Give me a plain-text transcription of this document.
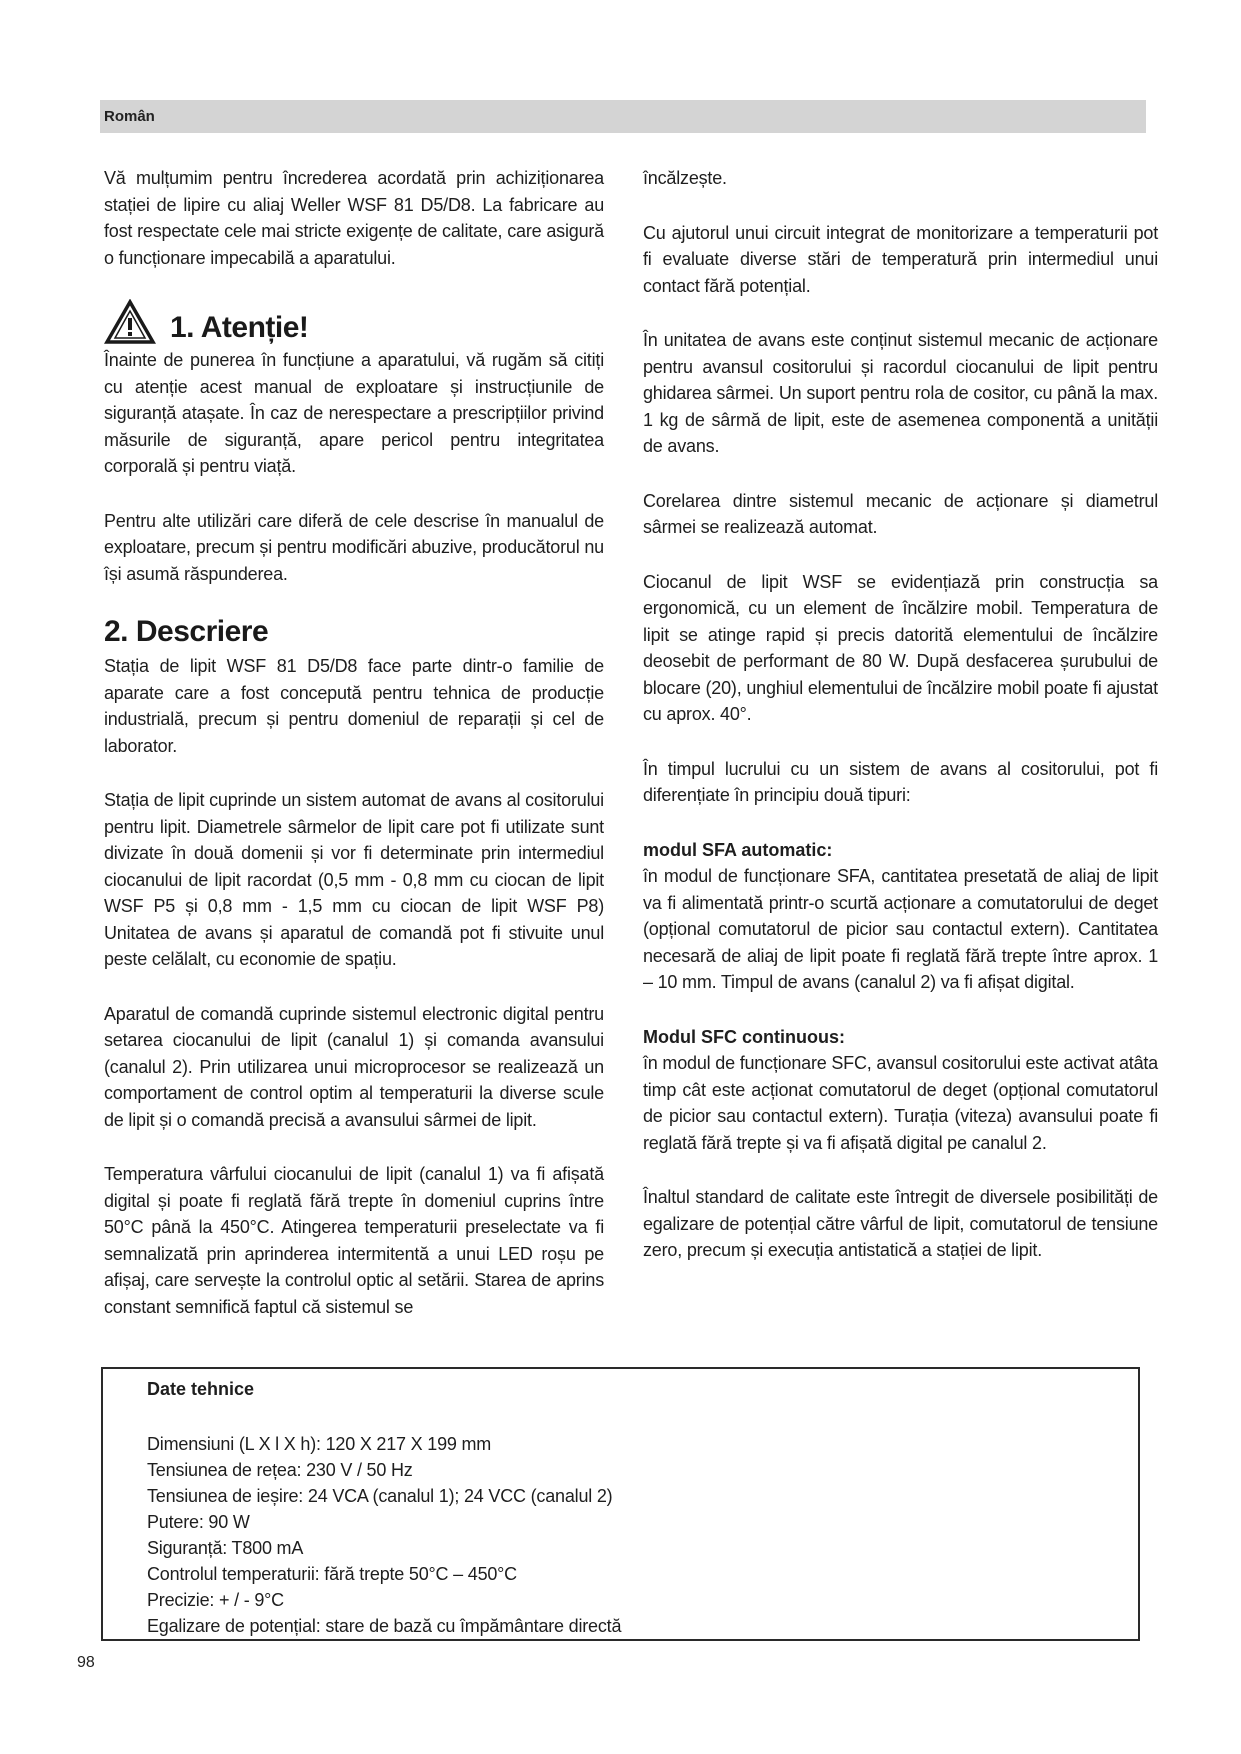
Român

Vă mulțumim pentru încrederea acordată prin achiziționarea stației de lipire cu aliaj Weller WSF 81 D5/D8. La fabricare au fost respectate cele mai stricte exigențe de calitate, care asigură o funcționare impecabilă a aparatului.

1. Atenție!

Înainte de punerea în funcțiune a aparatului, vă rugăm să citiți cu atenție acest manual de exploatare și instrucțiunile de siguranță atașate. În caz de nerespectare a prescripțiilor privind măsurile de siguranță, apare pericol pentru integritatea corporală și pentru viață.

Pentru alte utilizări care diferă de cele descrise în manualul de exploatare, precum și pentru modificări abuzive, producătorul nu își asumă răspunderea.

2. Descriere

Stația de lipit WSF 81 D5/D8 face parte dintr-o familie de aparate care a fost concepută pentru tehnica de producție industrială, precum și pentru domeniul de reparații și cel de laborator.

Stația de lipit cuprinde un sistem automat de avans al cositorului pentru lipit. Diametrele sârmelor de lipit care pot fi utilizate sunt divizate în două domenii și vor fi determinate prin intermediul ciocanului de lipit racordat (0,5 mm - 0,8 mm cu ciocan de lipit WSF P5 și 0,8 mm - 1,5 mm cu ciocan de lipit WSF P8) Unitatea de avans și aparatul de comandă pot fi stivuite unul peste celălalt, cu economie de spațiu.

Aparatul de comandă cuprinde sistemul electronic digital pentru setarea ciocanului de lipit (canalul 1) și comanda avansului (canalul 2). Prin utilizarea unui microprocesor se realizează un comportament de control optim al temperaturii la diverse scule de lipit și o comandă precisă a avansului sârmei de lipit.

Temperatura vârfului ciocanului de lipit (canalul 1) va fi afișată digital și poate fi reglată fără trepte în domeniul cuprins între 50°C până la 450°C. Atingerea temperaturii preselectate va fi semnalizată prin aprinderea intermitentă a unui LED roșu pe afișaj, care servește la controlul optic al setării. Starea de aprins constant semnifică faptul că sistemul se

încălzește.

Cu ajutorul unui circuit integrat de monitorizare a temperaturii pot fi evaluate diverse stări de temperatură prin intermediul unui contact fără potențial.

În unitatea de avans este conținut sistemul mecanic de acționare pentru avansul cositorului și racordul ciocanului de lipit pentru ghidarea sârmei. Un suport pentru rola de cositor, cu până la max. 1 kg de sârmă de lipit, este de asemenea componentă a unității de avans.

Corelarea dintre sistemul mecanic de acționare și diametrul sârmei se realizează automat.

Ciocanul de lipit WSF se evidențiază prin construcția sa ergonomică, cu un element de încălzire mobil. Temperatura de lipit se atinge rapid și precis datorită elementului de încălzire deosebit de performant de 80 W. După desfacerea șurubului de blocare (20), unghiul elementului de încălzire mobil poate fi ajustat cu aprox. 40°.

În timpul lucrului cu un sistem de avans al cositorului, pot fi diferențiate în principiu două tipuri:

modul SFA automatic:

în modul de funcționare SFA, cantitatea presetată de aliaj de lipit va fi alimentată printr-o scurtă acționare a comutatorului de deget (opțional comutatorul de picior sau contactul extern). Cantitatea necesară de aliaj de lipit poate fi reglată fără trepte între aprox. 1 – 10 mm. Timpul de avans (canalul 2) va fi afișat digital.

Modul SFC continuous:

în modul de funcționare SFC, avansul cositorului este activat atâta timp cât este acționat comutatorul de deget (opțional comutatorul de picior sau contactul extern). Turația (viteza) avansului poate fi reglată fără trepte și va fi afișată digital pe canalul 2.

Înaltul standard de calitate este întregit de diversele posibilități de egalizare de potențial către vârful de lipit, comutatorul de tensiune zero, precum și execuția antistatică a stației de lipit.

Date tehnice
Dimensiuni (L X l X h): 120 X 217 X 199 mm
Tensiunea de rețea: 230 V / 50 Hz
Tensiunea de ieșire: 24 VCA (canalul 1); 24 VCC (canalul 2)
Putere: 90 W
Siguranță: T800 mA
Controlul temperaturii: fără trepte 50°C – 450°C
Precizie: + / - 9°C
Egalizare de potențial: stare de bază cu împământare directă
98
